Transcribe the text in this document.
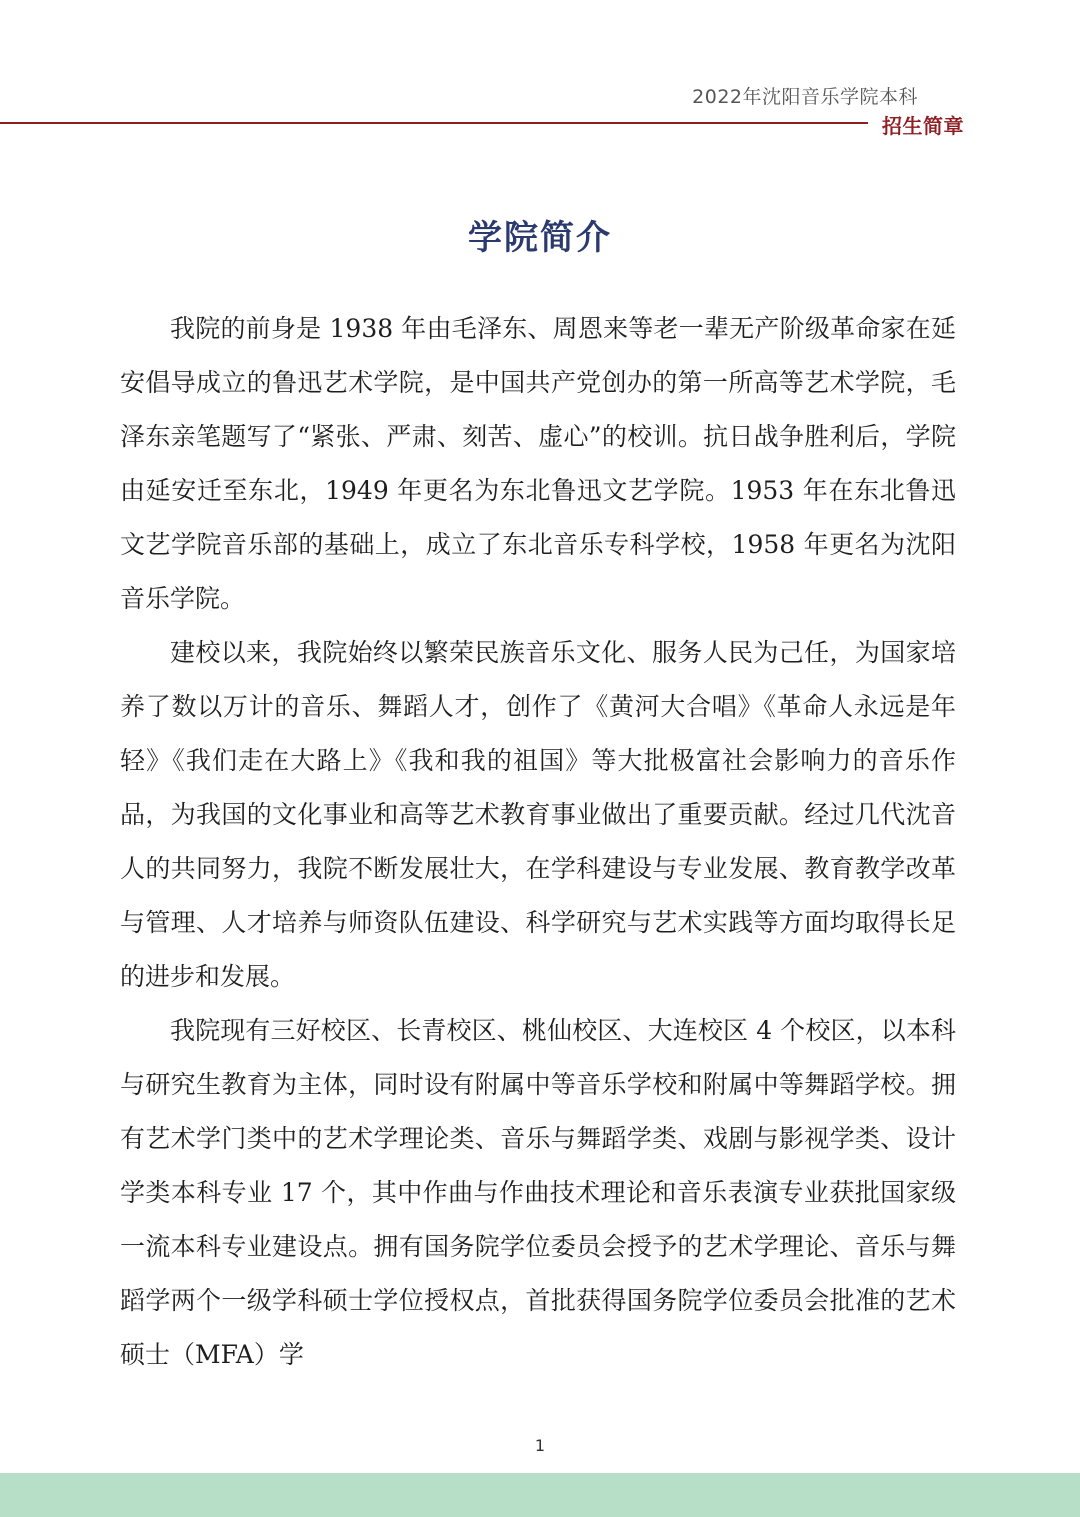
2022年沈阳音乐学院本科
招生简章
学院简介

我院的前身是 1938 年由毛泽东、周恩来等老一辈无产阶级革命家在延安倡导成立的鲁迅艺术学院，是中国共产党创办的第一所高等艺术学院，毛泽东亲笔题写了“紧张、严肃、刻苦、虚心”的校训。抗日战争胜利后，学院由延安迁至东北，1949 年更名为东北鲁迅文艺学院。1953 年在东北鲁迅文艺学院音乐部的基础上，成立了东北音乐专科学校，1958 年更名为沈阳音乐学院。

建校以来，我院始终以繁荣民族音乐文化、服务人民为己任，为国家培养了数以万计的音乐、舞蹈人才，创作了《黄河大合唱》《革命人永远是年轻》《我们走在大路上》《我和我的祖国》等大批极富社会影响力的音乐作品，为我国的文化事业和高等艺术教育事业做出了重要贡献。经过几代沈音人的共同努力，我院不断发展壮大，在学科建设与专业发展、教育教学改革与管理、人才培养与师资队伍建设、科学研究与艺术实践等方面均取得长足的进步和发展。

我院现有三好校区、长青校区、桃仙校区、大连校区 4 个校区，以本科与研究生教育为主体，同时设有附属中等音乐学校和附属中等舞蹈学校。拥有艺术学门类中的艺术学理论类、音乐与舞蹈学类、戏剧与影视学类、设计学类本科专业 17 个，其中作曲与作曲技术理论和音乐表演专业获批国家级一流本科专业建设点。拥有国务院学位委员会授予的艺术学理论、音乐与舞蹈学两个一级学科硕士学位授权点，首批获得国务院学位委员会批准的艺术硕士（MFA）学

1
